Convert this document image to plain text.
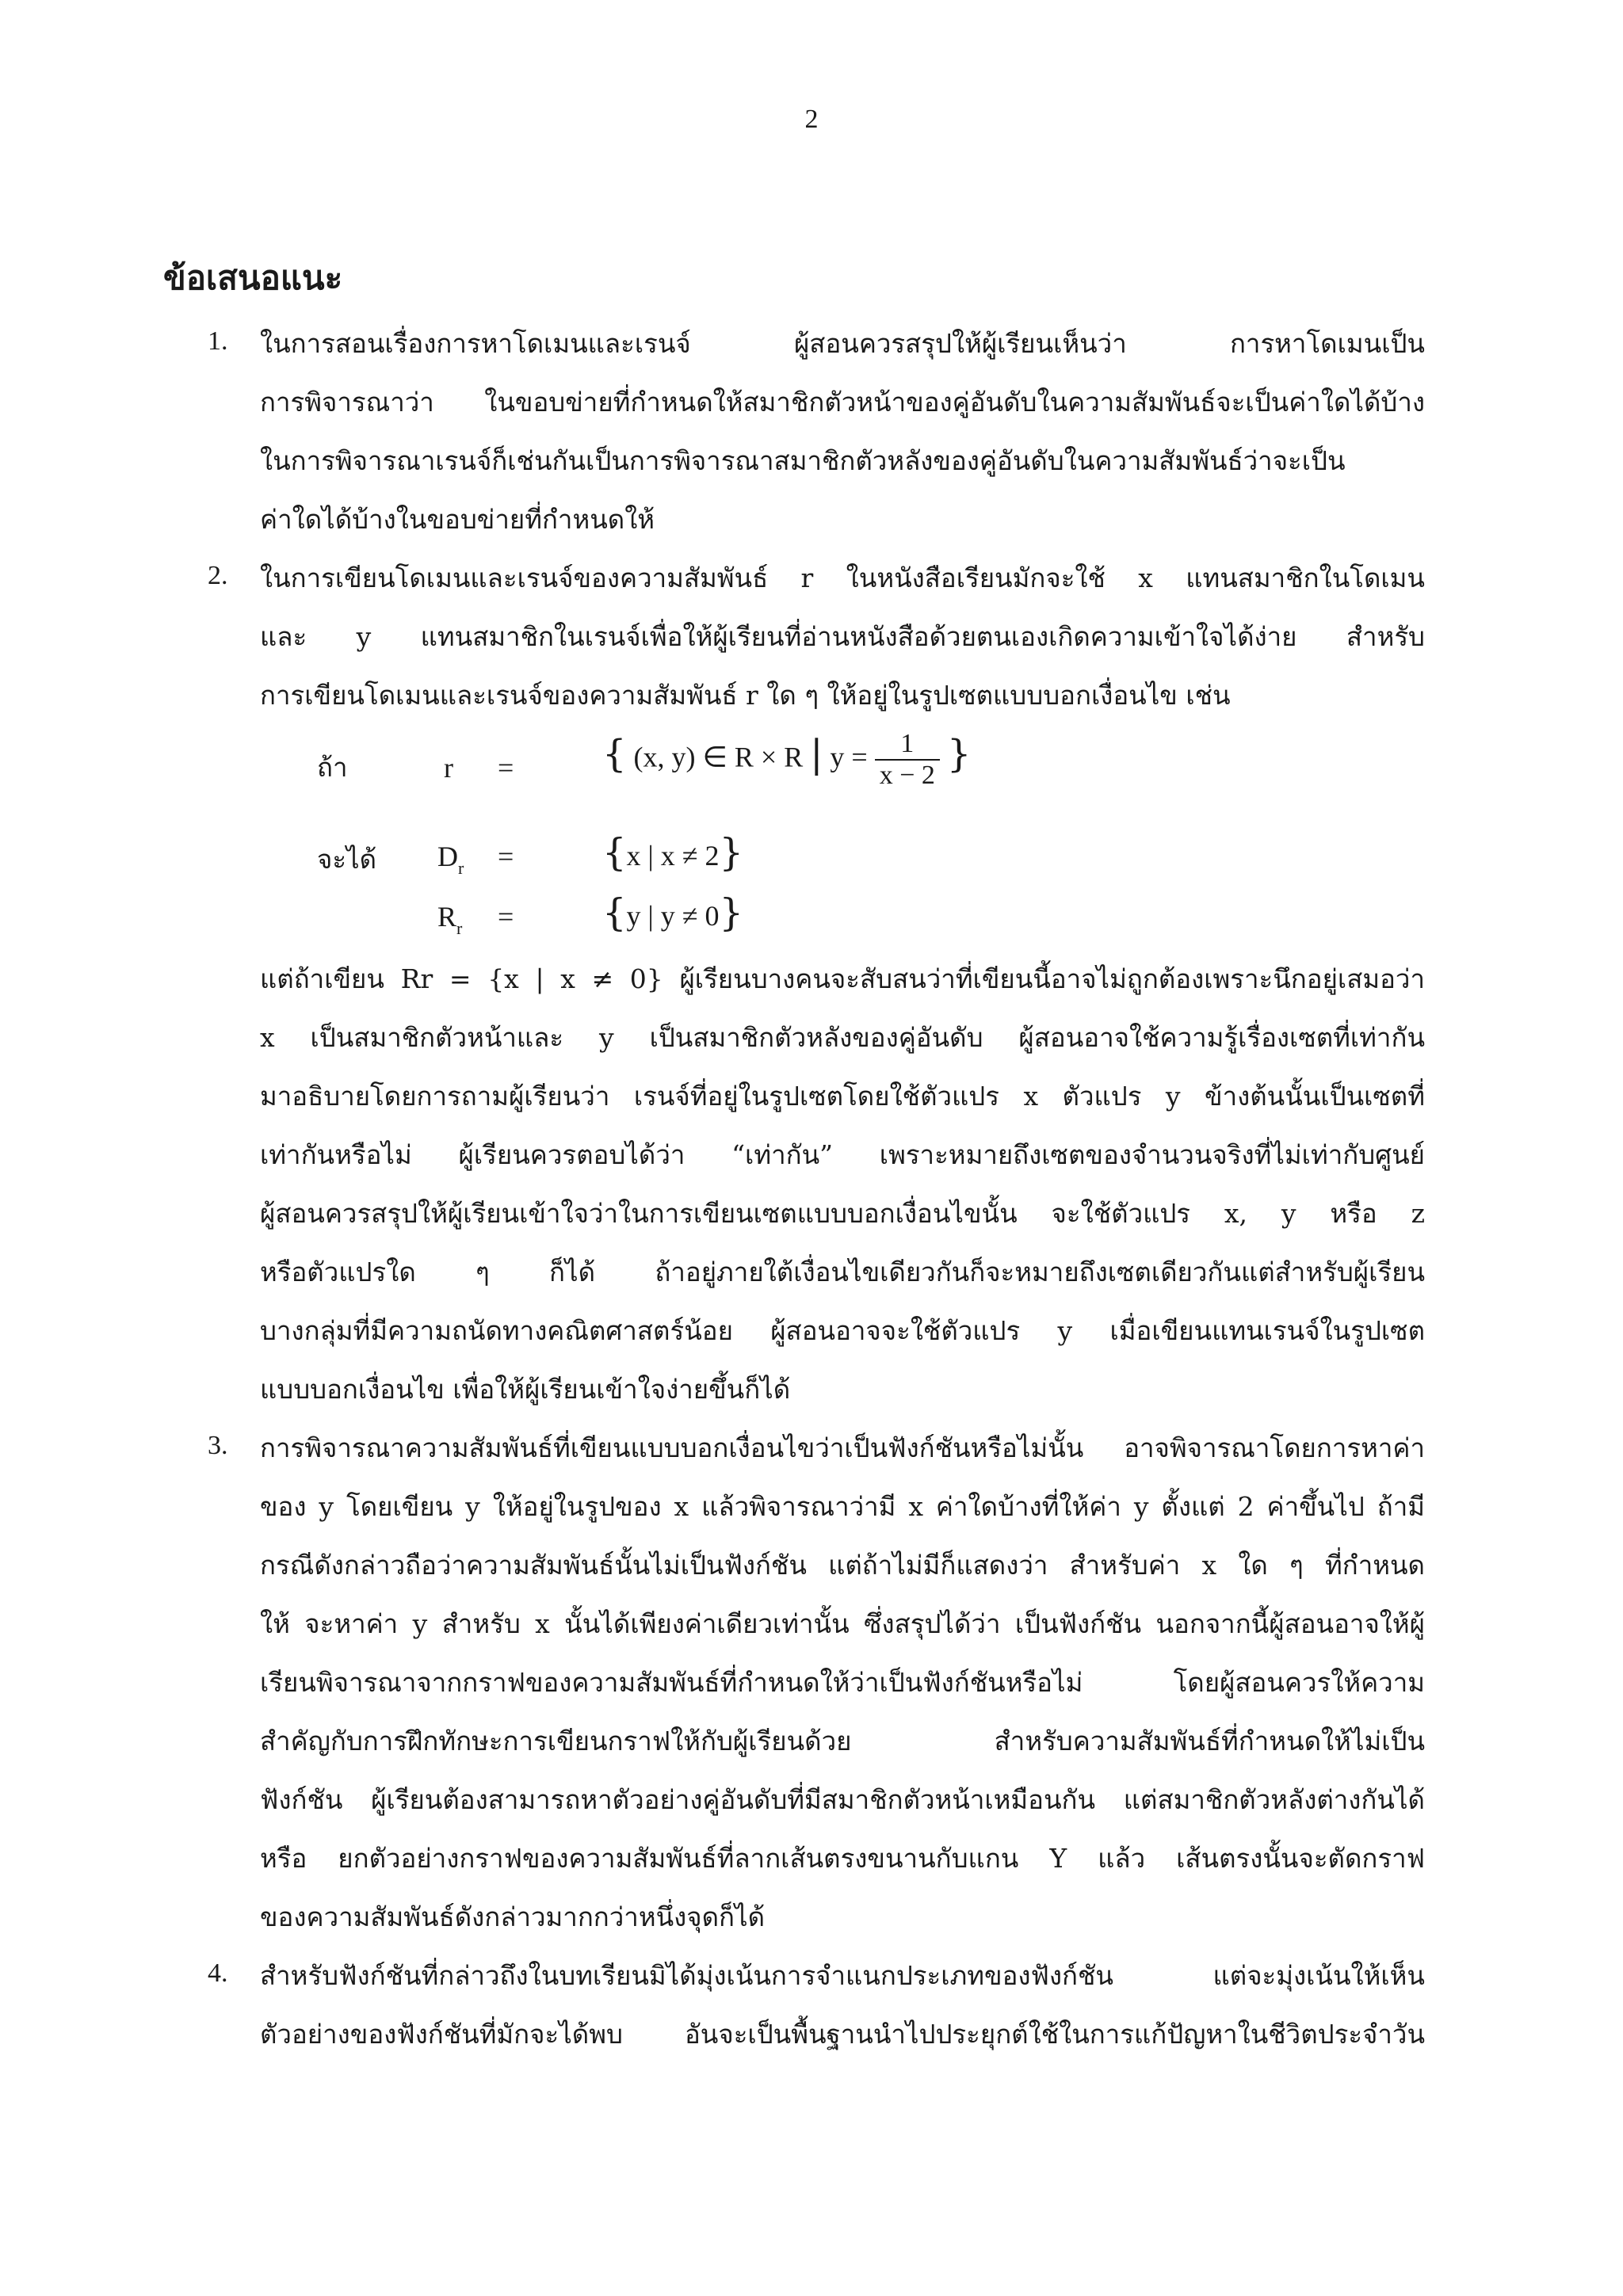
2
ข้อเสนอแนะ
1. ในการสอนเรื่องการหาโดเมนและเรนจ์ ผู้สอนควรสรุปให้ผู้เรียนเห็นว่า การหาโดเมนเป็น
การพิจารณาว่า ในขอบข่ายที่กำหนดให้สมาชิกตัวหน้าของคู่อันดับในความสัมพันธ์จะเป็นค่าใดได้บ้าง
ในการพิจารณาเรนจ์ก็เช่นกันเป็นการพิจารณาสมาชิกตัวหลังของคู่อันดับในความสัมพันธ์ว่าจะเป็น
ค่าใดได้บ้างในขอบข่ายที่กำหนดให้
2. ในการเขียนโดเมนและเรนจ์ของความสัมพันธ์ r ในหนังสือเรียนมักจะใช้ x แทนสมาชิกในโดเมน
และ y แทนสมาชิกในเรนจ์เพื่อให้ผู้เรียนที่อ่านหนังสือด้วยตนเองเกิดความเข้าใจได้ง่าย สำหรับ
การเขียนโดเมนและเรนจ์ของความสัมพันธ์ r ใด ๆ ให้อยู่ในรูปเซตแบบบอกเงื่อนไข เช่น
ถ้า	r = { (x, y) ∈ R × R | $y = \frac{1}{x - 2}$ }
จะได้ $D_r = \{x$ | x ≠ 2}
$R_r = \{y$ | y ≠ 0}
แต่ถ้าเขียน Rr = {x | x ≠ 0} ผู้เรียนบางคนจะสับสนว่าที่เขียนนี้อาจไม่ถูกต้องเพราะนึกอยู่เสมอว่า
x เป็นสมาชิกตัวหน้าและ y เป็นสมาชิกตัวหลังของคู่อันดับ ผู้สอนอาจใช้ความรู้เรื่องเซตที่เท่ากัน
มาอธิบายโดยการถามผู้เรียนว่า เรนจ์ที่อยู่ในรูปเซตโดยใช้ตัวแปร x ตัวแปร y ข้างต้นนั้นเป็นเซตที่
เท่ากันหรือไม่ ผู้เรียนควรตอบได้ว่า “เท่ากัน” เพราะหมายถึงเซตของจำนวนจริงที่ไม่เท่ากับศูนย์
ผู้สอนควรสรุปให้ผู้เรียนเข้าใจว่าในการเขียนเซตแบบบอกเงื่อนไขนั้น จะใช้ตัวแปร x, y หรือ z
หรือตัวแปรใด ๆ ก็ได้ ถ้าอยู่ภายใต้เงื่อนไขเดียวกันก็จะหมายถึงเซตเดียวกันแต่สำหรับผู้เรียน
บางกลุ่มที่มีความถนัดทางคณิตศาสตร์น้อย ผู้สอนอาจจะใช้ตัวแปร y เมื่อเขียนแทนเรนจ์ในรูปเซต
แบบบอกเงื่อนไข เพื่อให้ผู้เรียนเข้าใจง่ายขึ้นก็ได้
3. การพิจารณาความสัมพันธ์ที่เขียนแบบบอกเงื่อนไขว่าเป็นฟังก์ชันหรือไม่นั้น อาจพิจารณาโดยการหาค่า
ของ y โดยเขียน y ให้อยู่ในรูปของ x แล้วพิจารณาว่ามี x ค่าใดบ้างที่ให้ค่า y ตั้งแต่ 2 ค่าขึ้นไป ถ้ามี
กรณีดังกล่าวถือว่าความสัมพันธ์นั้นไม่เป็นฟังก์ชัน แต่ถ้าไม่มีก็แสดงว่า สำหรับค่า x ใด ๆ ที่กำหนด
ให้ จะหาค่า y สำหรับ x นั้นได้เพียงค่าเดียวเท่านั้น ซึ่งสรุปได้ว่า เป็นฟังก์ชัน นอกจากนี้ผู้สอนอาจให้ผู้
เรียนพิจารณาจากกราฟของความสัมพันธ์ที่กำหนดให้ว่าเป็นฟังก์ชันหรือไม่ โดยผู้สอนควรให้ความ
สำคัญกับการฝึกทักษะการเขียนกราฟให้กับผู้เรียนด้วย สำหรับความสัมพันธ์ที่กำหนดให้ไม่เป็น
ฟังก์ชัน ผู้เรียนต้องสามารถหาตัวอย่างคู่อันดับที่มีสมาชิกตัวหน้าเหมือนกัน แต่สมาชิกตัวหลังต่างกันได้
หรือ ยกตัวอย่างกราฟของความสัมพันธ์ที่ลากเส้นตรงขนานกับแกน Y แล้ว เส้นตรงนั้นจะตัดกราฟ
ของความสัมพันธ์ดังกล่าวมากกว่าหนึ่งจุดก็ได้
4. สำหรับฟังก์ชันที่กล่าวถึงในบทเรียนมิได้มุ่งเน้นการจำแนกประเภทของฟังก์ชัน แต่จะมุ่งเน้นให้เห็น
ตัวอย่างของฟังก์ชันที่มักจะได้พบ อันจะเป็นพื้นฐานนำไปประยุกต์ใช้ในการแก้ปัญหาในชีวิตประจำวัน
